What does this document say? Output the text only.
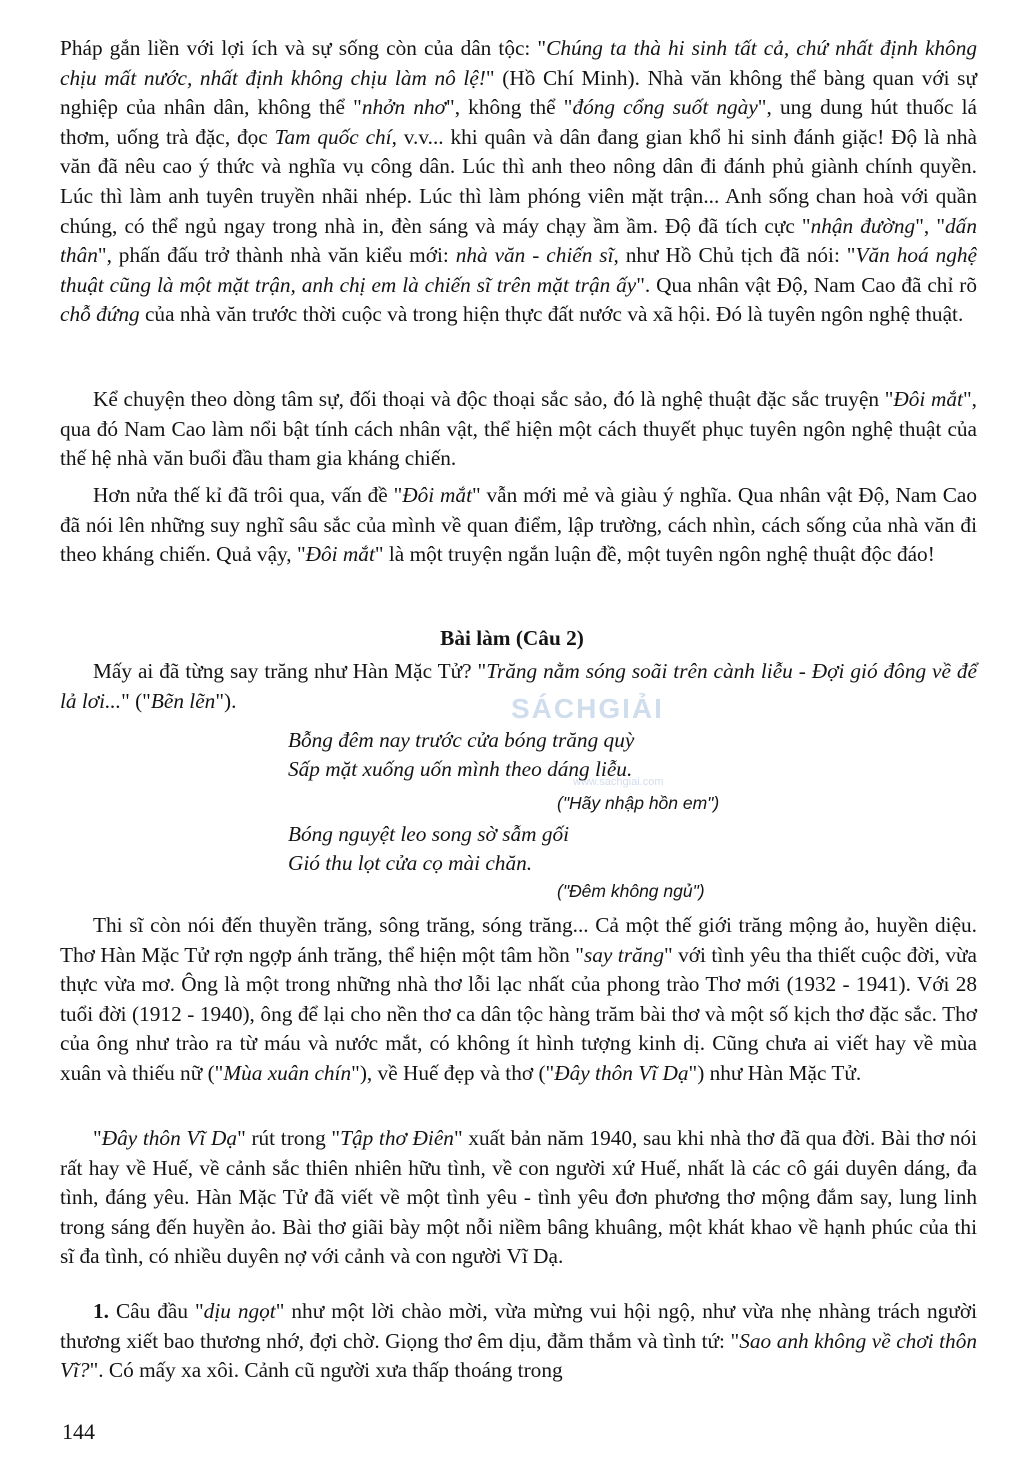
Pháp gắn liền với lợi ích và sự sống còn của dân tộc: "Chúng ta thà hi sinh tất cả, chứ nhất định không chịu mất nước, nhất định không chịu làm nô lệ!" (Hồ Chí Minh). Nhà văn không thể bàng quan với sự nghiệp của nhân dân, không thể "nhởn nhơ", không thể "đóng cổng suốt ngày", ung dung hút thuốc lá thơm, uống trà đặc, đọc Tam quốc chí, v.v... khi quân và dân đang gian khổ hi sinh đánh giặc! Độ là nhà văn đã nêu cao ý thức và nghĩa vụ công dân. Lúc thì anh theo nông dân đi đánh phủ giành chính quyền. Lúc thì làm anh tuyên truyền nhãi nhép. Lúc thì làm phóng viên mặt trận... Anh sống chan hoà với quần chúng, có thể ngủ ngay trong nhà in, đèn sáng và máy chạy ầm ầm. Độ đã tích cực "nhận đường", "dấn thân", phấn đấu trở thành nhà văn kiểu mới: nhà văn - chiến sĩ, như Hồ Chủ tịch đã nói: "Văn hoá nghệ thuật cũng là một mặt trận, anh chị em là chiến sĩ trên mặt trận ấy". Qua nhân vật Độ, Nam Cao đã chỉ rõ chỗ đứng của nhà văn trước thời cuộc và trong hiện thực đất nước và xã hội. Đó là tuyên ngôn nghệ thuật.

Kể chuyện theo dòng tâm sự, đối thoại và độc thoại sắc sảo, đó là nghệ thuật đặc sắc truyện "Đôi mắt", qua đó Nam Cao làm nổi bật tính cách nhân vật, thể hiện một cách thuyết phục tuyên ngôn nghệ thuật của thế hệ nhà văn buổi đầu tham gia kháng chiến.

Hơn nửa thế kỉ đã trôi qua, vấn đề "Đôi mắt" vẫn mới mẻ và giàu ý nghĩa. Qua nhân vật Độ, Nam Cao đã nói lên những suy nghĩ sâu sắc của mình về quan điểm, lập trường, cách nhìn, cách sống của nhà văn đi theo kháng chiến. Quả vậy, "Đôi mắt" là một truyện ngắn luận đề, một tuyên ngôn nghệ thuật độc đáo!

Bài làm (Câu 2)

Mấy ai đã từng say trăng như Hàn Mặc Tử? "Trăng nằm sóng soãi trên cành liễu - Đợi gió đông về để lả lơi..." ("Bẽn lẽn").	SÁCHGIẢI
www.sachgiai.com
Bỗng đêm nay trước cửa bóng trăng quỳ
Sấp mặt xuống uốn mình theo dáng liễu.
("Hãy nhập hồn em")
Bóng nguyệt leo song sờ sẫm gối
Gió thu lọt cửa cọ mài chăn.
("Đêm không ngủ")

Thi sĩ còn nói đến thuyền trăng, sông trăng, sóng trăng... Cả một thế giới trăng mộng ảo, huyền diệu. Thơ Hàn Mặc Tử rợn ngợp ánh trăng, thể hiện một tâm hồn "say trăng" với tình yêu tha thiết cuộc đời, vừa thực vừa mơ. Ông là một trong những nhà thơ lỗi lạc nhất của phong trào Thơ mới (1932 - 1941). Với 28 tuổi đời (1912 - 1940), ông để lại cho nền thơ ca dân tộc hàng trăm bài thơ và một số kịch thơ đặc sắc. Thơ của ông như trào ra từ máu và nước mắt, có không ít hình tượng kinh dị. Cũng chưa ai viết hay về mùa xuân và thiếu nữ ("Mùa xuân chín"), về Huế đẹp và thơ ("Đây thôn Vĩ Dạ") như Hàn Mặc Tử.

"Đây thôn Vĩ Dạ" rút trong "Tập thơ Điên" xuất bản năm 1940, sau khi nhà thơ đã qua đời. Bài thơ nói rất hay về Huế, về cảnh sắc thiên nhiên hữu tình, về con người xứ Huế, nhất là các cô gái duyên dáng, đa tình, đáng yêu. Hàn Mặc Tử đã viết về một tình yêu - tình yêu đơn phương thơ mộng đắm say, lung linh trong sáng đến huyền ảo. Bài thơ giãi bày một nỗi niềm bâng khuâng, một khát khao về hạnh phúc của thi sĩ đa tình, có nhiều duyên nợ với cảnh và con người Vĩ Dạ.

1. Câu đầu "dịu ngọt" như một lời chào mời, vừa mừng vui hội ngộ, như vừa nhẹ nhàng trách người thương xiết bao thương nhớ, đợi chờ. Giọng thơ êm dịu, đằm thắm và tình tứ: "Sao anh không về chơi thôn Vĩ?". Có mấy xa xôi. Cảnh cũ người xưa thấp thoáng trong

144
